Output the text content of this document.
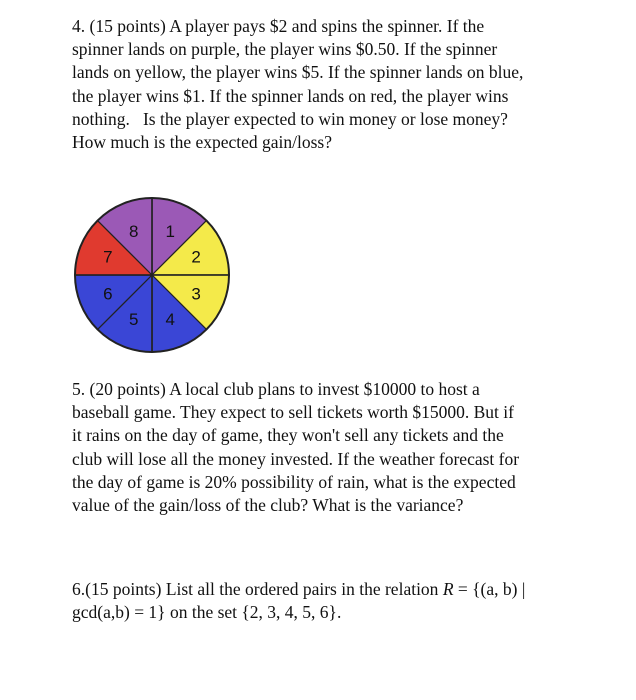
4. (15 points) A player pays $2 and spins the spinner. If the
spinner lands on purple, the player wins $0.50. If the spinner
lands on yellow, the player wins $5. If the spinner lands on blue,
the player wins $1. If the spinner lands on red, the player wins
nothing.   Is the player expected to win money or lose money?
How much is the expected gain/loss?
1
2
3
4
5
6
7
8
5. (20 points) A local club plans to invest $10000 to host a
baseball game. They expect to sell tickets worth $15000. But if
it rains on the day of game, they won't sell any tickets and the
club will lose all the money invested. If the weather forecast for
the day of game is 20% possibility of rain, what is the expected
value of the gain/loss of the club? What is the variance?
6.(15 points) List all the ordered pairs in the relation R = {(a, b) |
gcd(a,b) = 1} on the set {2, 3, 4, 5, 6}.
